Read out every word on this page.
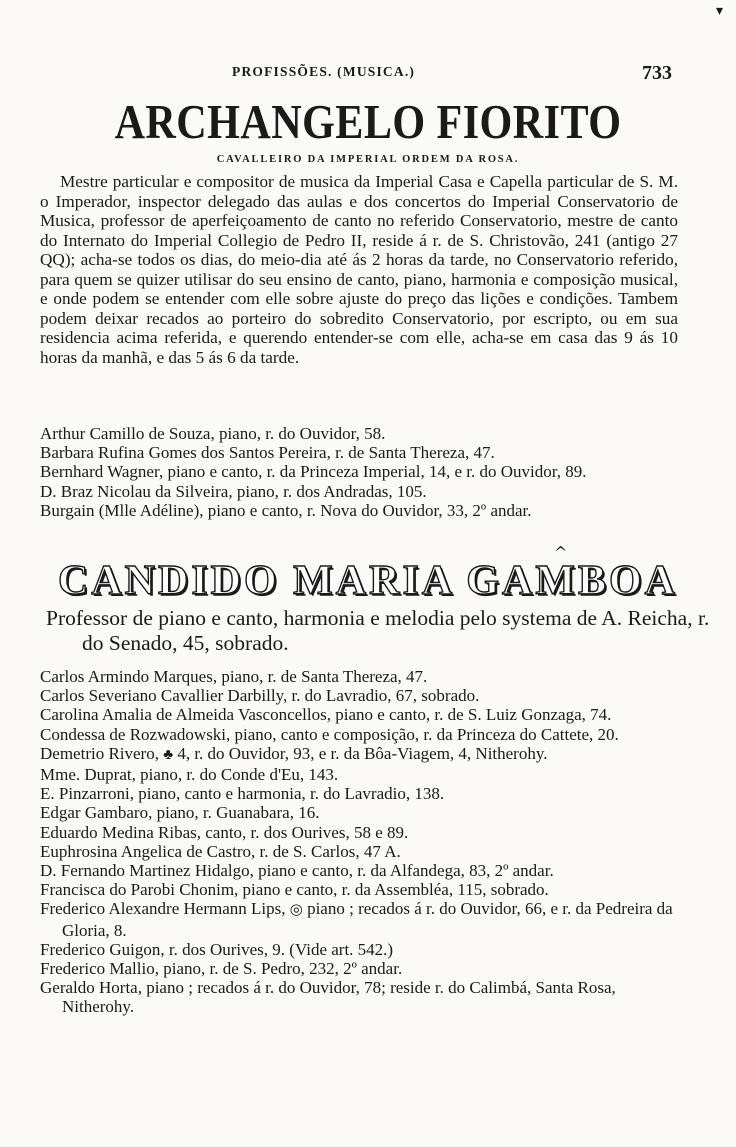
▾
PROFISSÕES. (MUSICA.)	733
ARCHANGELO FIORITO
CAVALLEIRO DA IMPERIAL ORDEM DA ROSA.

Mestre particular e compositor de musica da Imperial Casa e Capella particular de S. M. o Imperador, inspector delegado das aulas e dos concertos do Imperial Conservatorio de Musica, professor de aperfeiçoamento de canto no referido Conservatorio, mestre de canto do Internato do Imperial Collegio de Pedro II, reside á r. de S. Christovão, 241 (antigo 27 QQ); acha-se todos os dias, do meio-dia até ás 2 horas da tarde, no Conservatorio referido, para quem se quizer utilisar do seu ensino de canto, piano, harmonia e composição musical, e onde podem se entender com elle sobre ajuste do preço das lições e condições. Tambem podem deixar recados ao porteiro do sobredito Conservatorio, por escripto, ou em sua residencia acima referida, e querendo entender-se com elle, acha-se em casa das 9 ás 10 horas da manhã, e das 5 ás 6 da tarde.

Arthur Camillo de Souza, piano, r. do Ouvidor, 58.
Barbara Rufina Gomes dos Santos Pereira, r. de Santa Thereza, 47.
Bernhard Wagner, piano e canto, r. da Princeza Imperial, 14, e r. do Ouvidor, 89.
D. Braz Nicolau da Silveira, piano, r. dos Andradas, 105.
Burgain (Mlle Adéline), piano e canto, r. Nova do Ouvidor, 33, 2º andar.
^
CANDIDO MARIA GAMBOA

Professor de piano e canto, harmonia e melodia pelo systema de A. Reicha, r. do Senado, 45, sobrado.

Carlos Armindo Marques, piano, r. de Santa Thereza, 47.
Carlos Severiano Cavallier Darbilly, r. do Lavradio, 67, sobrado.
Carolina Amalia de Almeida Vasconcellos, piano e canto, r. de S. Luiz Gonzaga, 74.
Condessa de Rozwadowski, piano, canto e composição, r. da Princeza do Cattete, 20.
Demetrio Rivero, ♣ 4, r. do Ouvidor, 93, e r. da Bôa-Viagem, 4, Nitherohy.
Mme. Duprat, piano, r. do Conde d'Eu, 143.
E. Pinzarroni, piano, canto e harmonia, r. do Lavradio, 138.
Edgar Gambaro, piano, r. Guanabara, 16.
Eduardo Medina Ribas, canto, r. dos Ourives, 58 e 89.
Euphrosina Angelica de Castro, r. de S. Carlos, 47 A.
D. Fernando Martinez Hidalgo, piano e canto, r. da Alfandega, 83, 2º andar.
Francisca do Parobi Chonim, piano e canto, r. da Assembléa, 115, sobrado.
Frederico Alexandre Hermann Lips, ◎ piano ; recados á r. do Ouvidor, 66, e r. da Pedreira da Gloria, 8.
Frederico Guigon, r. dos Ourives, 9. (Vide art. 542.)
Frederico Mallio, piano, r. de S. Pedro, 232, 2º andar.
Geraldo Horta, piano ; recados á r. do Ouvidor, 78; reside r. do Calimbá, Santa Rosa, Nitherohy.
